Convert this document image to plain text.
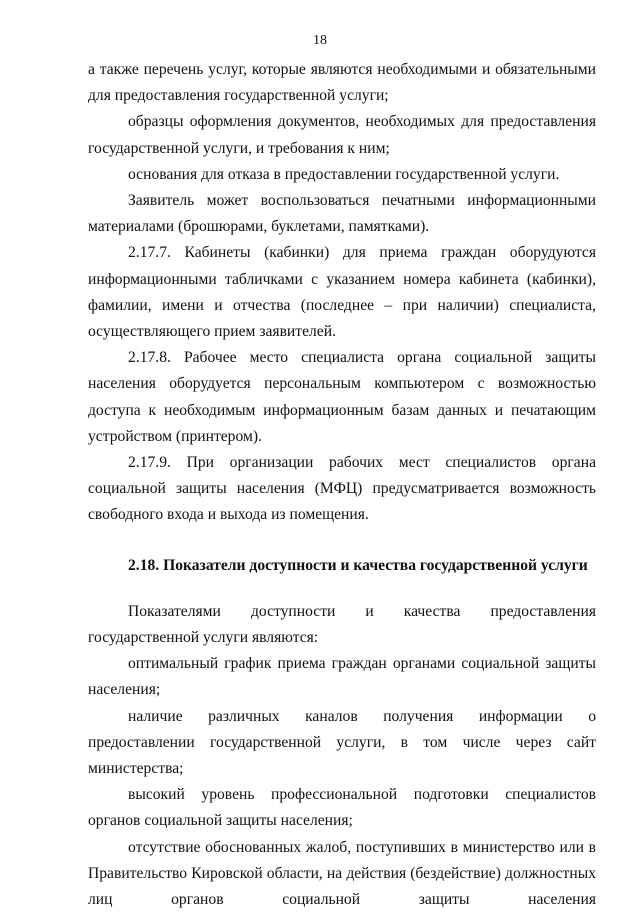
18

а также перечень услуг, которые являются необходимыми и обязательными для предоставления государственной услуги;

образцы оформления документов, необходимых для предоставления государственной услуги, и требования к ним;

основания для отказа в предоставлении государственной услуги.

Заявитель может воспользоваться печатными информационными материалами (брошюрами, буклетами, памятками).

2.17.7. Кабинеты (кабинки) для приема граждан оборудуются информационными табличками с указанием номера кабинета (кабинки), фамилии, имени и отчества (последнее – при наличии) специалиста, осуществляющего прием заявителей.

2.17.8. Рабочее место специалиста органа социальной защиты населения оборудуется персональным компьютером с возможностью доступа к необходимым информационным базам данных и печатающим устройством (принтером).

2.17.9. При организации рабочих мест специалистов органа социальной защиты населения (МФЦ) предусматривается возможность свободного входа и выхода из помещения.

2.18. Показатели доступности и качества государственной услуги

Показателями доступности и качества предоставления государственной услуги являются:

оптимальный график приема граждан органами социальной защиты населения;

наличие различных каналов получения информации о предоставлении государственной услуги, в том числе через сайт министерства;

высокий уровень профессиональной подготовки специалистов органов социальной защиты населения;

отсутствие обоснованных жалоб, поступивших в министерство или в Правительство Кировской области, на действия (бездействие) должностных лиц органов социальной защиты населения
